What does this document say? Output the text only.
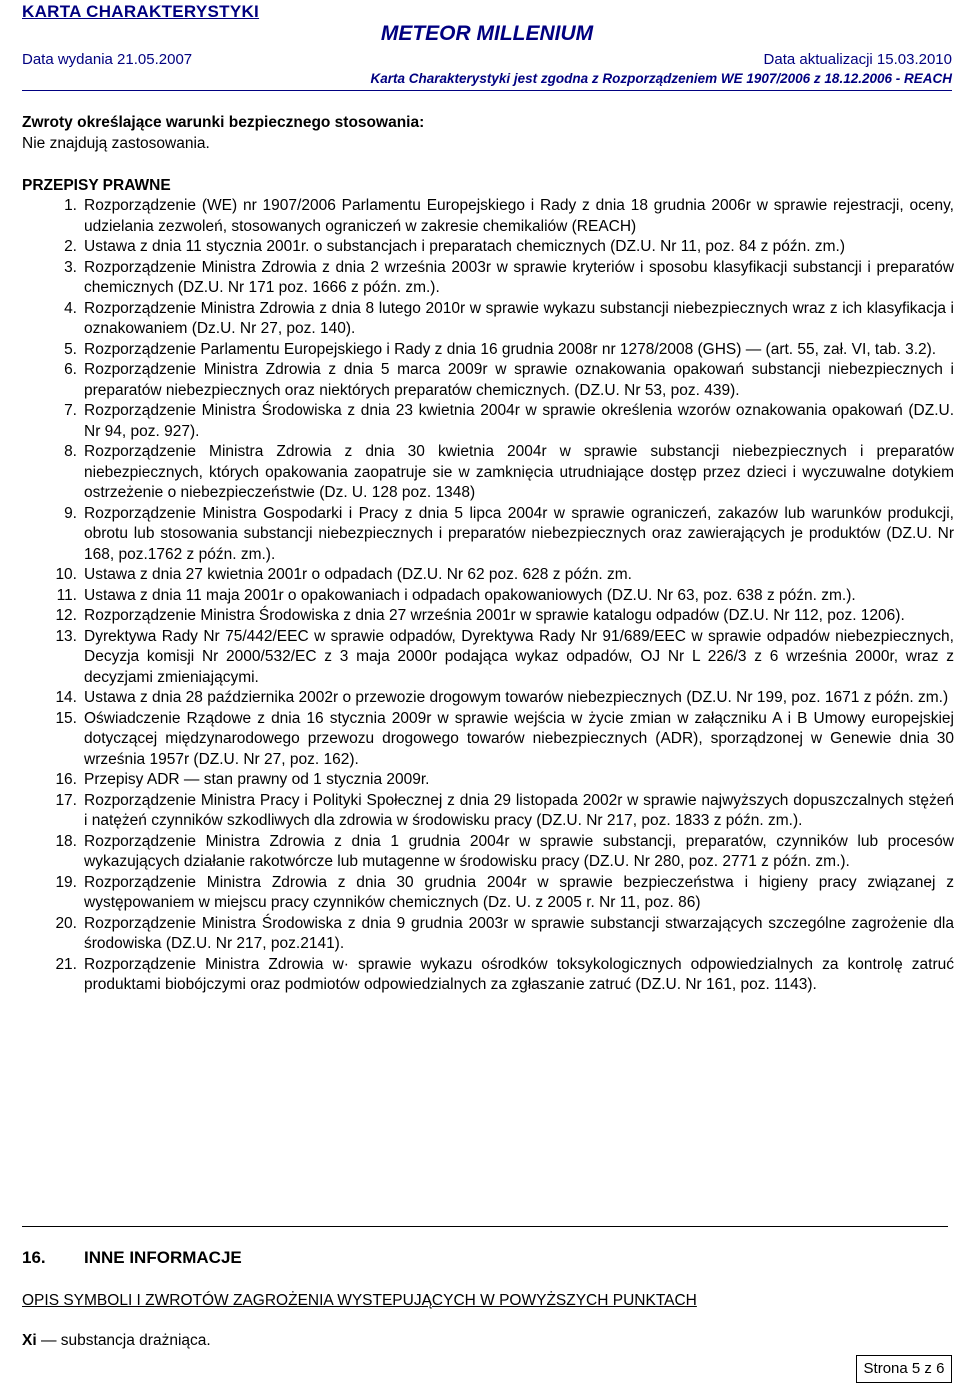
KARTA CHARAKTERYSTYKI
METEOR MILLENIUM
Data wydania 21.05.2007	Data aktualizacji 15.03.2010
Karta Charakterystyki jest zgodna z Rozporządzeniem WE 1907/2006 z 18.12.2006 - REACH
Zwroty określające warunki bezpiecznego stosowania:
Nie znajdują zastosowania.
PRZEPISY PRAWNE
1. Rozporządzenie (WE) nr 1907/2006 Parlamentu Europejskiego i Rady z dnia 18 grudnia 2006r w sprawie rejestracji, oceny, udzielania zezwoleń, stosowanych ograniczeń w zakresie chemikaliów (REACH)
2. Ustawa z dnia 11 stycznia 2001r. o substancjach i preparatach chemicznych (DZ.U. Nr 11, poz. 84 z późn. zm.)
3. Rozporządzenie Ministra Zdrowia z dnia 2 września 2003r w sprawie kryteriów i sposobu klasyfikacji substancji i preparatów chemicznych (DZ.U. Nr 171 poz. 1666 z późn. zm.).
4. Rozporządzenie Ministra Zdrowia z dnia 8 lutego 2010r w sprawie wykazu substancji niebezpiecznych wraz z ich klasyfikacja i oznakowaniem (Dz.U. Nr 27, poz. 140).
5. Rozporządzenie Parlamentu Europejskiego i Rady z dnia 16 grudnia 2008r nr 1278/2008 (GHS) — (art. 55, zał. VI, tab. 3.2).
6. Rozporządzenie Ministra Zdrowia z dnia 5 marca 2009r w sprawie oznakowania opakowań substancji niebezpiecznych i preparatów niebezpiecznych oraz niektórych preparatów chemicznych. (DZ.U. Nr 53, poz. 439).
7. Rozporządzenie Ministra Środowiska z dnia 23 kwietnia 2004r w sprawie określenia wzorów oznakowania opakowań (DZ.U. Nr 94, poz. 927).
8. Rozporządzenie Ministra Zdrowia z dnia 30 kwietnia 2004r w sprawie substancji niebezpiecznych i preparatów niebezpiecznych, których opakowania zaopatruje sie w zamknięcia utrudniające dostęp przez dzieci i wyczuwalne dotykiem ostrzeżenie o niebezpieczeństwie (Dz. U. 128 poz. 1348)
9. Rozporządzenie Ministra Gospodarki i Pracy z dnia 5 lipca 2004r w sprawie ograniczeń, zakazów lub warunków produkcji, obrotu lub stosowania substancji niebezpiecznych i preparatów niebezpiecznych oraz zawierających je produktów (DZ.U. Nr 168, poz.1762 z późn. zm.).
10. Ustawa z dnia 27 kwietnia 2001r o odpadach (DZ.U. Nr 62 poz. 628 z późn. zm.
11. Ustawa z dnia 11 maja 2001r o opakowaniach i odpadach opakowaniowych (DZ.U. Nr 63, poz. 638 z późn. zm.).
12. Rozporządzenie Ministra Środowiska z dnia 27 września 2001r w sprawie katalogu odpadów (DZ.U. Nr 112, poz. 1206).
13. Dyrektywa Rady Nr 75/442/EEC w sprawie odpadów, Dyrektywa Rady Nr 91/689/EEC w sprawie odpadów niebezpiecznych, Decyzja komisji Nr 2000/532/EC z 3 maja 2000r podająca wykaz odpadów, OJ Nr L 226/3 z 6 września 2000r, wraz z decyzjami zmieniającymi.
14. Ustawa z dnia 28 października 2002r o przewozie drogowym towarów niebezpiecznych (DZ.U. Nr 199, poz. 1671 z późn. zm.)
15. Oświadczenie Rządowe z dnia 16 stycznia 2009r w sprawie wejścia w życie zmian w załączniku A i B Umowy europejskiej dotyczącej międzynarodowego przewozu drogowego towarów niebezpiecznych (ADR), sporządzonej w Genewie dnia 30 września 1957r (DZ.U. Nr 27, poz. 162).
16. Przepisy ADR — stan prawny od 1 stycznia 2009r.
17. Rozporządzenie Ministra Pracy i Polityki Społecznej z dnia 29 listopada 2002r w sprawie najwyższych dopuszczalnych stężeń i natężeń czynników szkodliwych dla zdrowia w środowisku pracy (DZ.U. Nr 217, poz. 1833 z późn. zm.).
18. Rozporządzenie Ministra Zdrowia z dnia 1 grudnia 2004r w sprawie substancji, preparatów, czynników lub procesów wykazujących działanie rakotwórcze lub mutagenne w środowisku pracy (DZ.U. Nr 280, poz. 2771 z późn. zm.).
19. Rozporządzenie Ministra Zdrowia z dnia 30 grudnia 2004r w sprawie bezpieczeństwa i higieny pracy związanej z występowaniem w miejscu pracy czynników chemicznych (Dz. U. z 2005 r. Nr 11, poz. 86)
20. Rozporządzenie Ministra Środowiska z dnia 9 grudnia 2003r w sprawie substancji stwarzających szczególne zagrożenie dla środowiska (DZ.U. Nr 217, poz.2141).
21. Rozporządzenie Ministra Zdrowia w· sprawie wykazu ośrodków toksykologicznych odpowiedzialnych za kontrolę zatruć produktami biobójczymi oraz podmiotów odpowiedzialnych za zgłaszanie zatruć (DZ.U. Nr 161, poz. 1143).
16. INNE INFORMACJE
OPIS SYMBOLI I ZWROTÓW ZAGROŻENIA WYSTEPUJĄCYCH W POWYŻSZYCH PUNKTACH
Xi — substancja drażniąca.
Strona 5 z 6
